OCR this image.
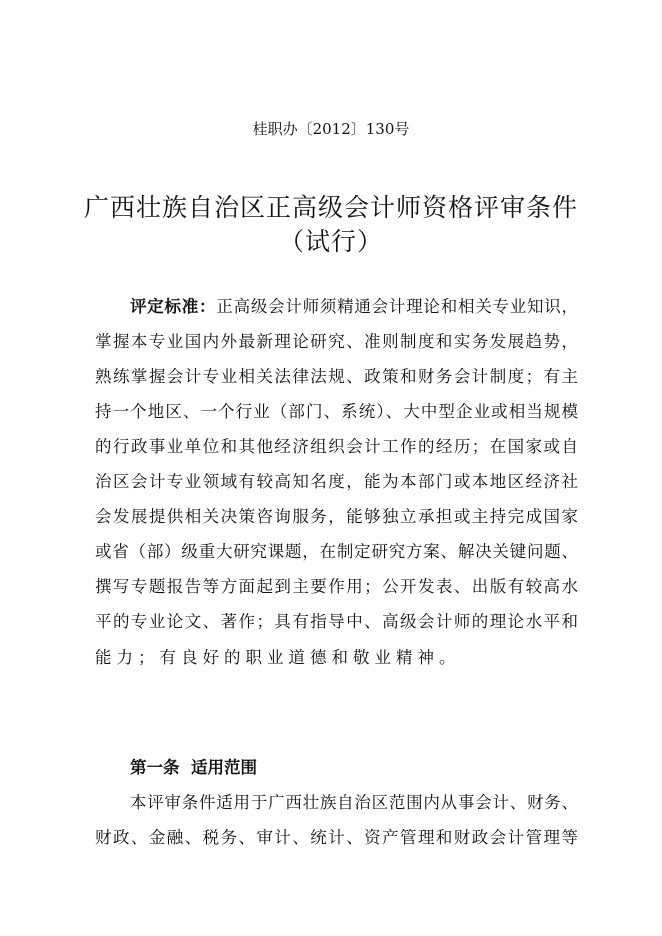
桂职办〔2012〕130号
广西壮族自治区正高级会计师资格评审条件
（试行）
评定标准：正高级会计师须精通会计理论和相关专业知识，
掌握本专业国内外最新理论研究、准则制度和实务发展趋势，
熟练掌握会计专业相关法律法规、政策和财务会计制度；有主
持一个地区、一个行业（部门、系统）、大中型企业或相当规模
的行政事业单位和其他经济组织会计工作的经历；在国家或自
治区会计专业领域有较高知名度，能为本部门或本地区经济社
会发展提供相关决策咨询服务，能够独立承担或主持完成国家
或省（部）级重大研究课题，在制定研究方案、解决关键问题、
撰写专题报告等方面起到主要作用；公开发表、出版有较高水
平的专业论文、著作；具有指导中、高级会计师的理论水平和
能力；有良好的职业道德和敬业精神。
第一条  适用范围
本评审条件适用于广西壮族自治区范围内从事会计、财务、
财政、金融、税务、审计、统计、资产管理和财政会计管理等
